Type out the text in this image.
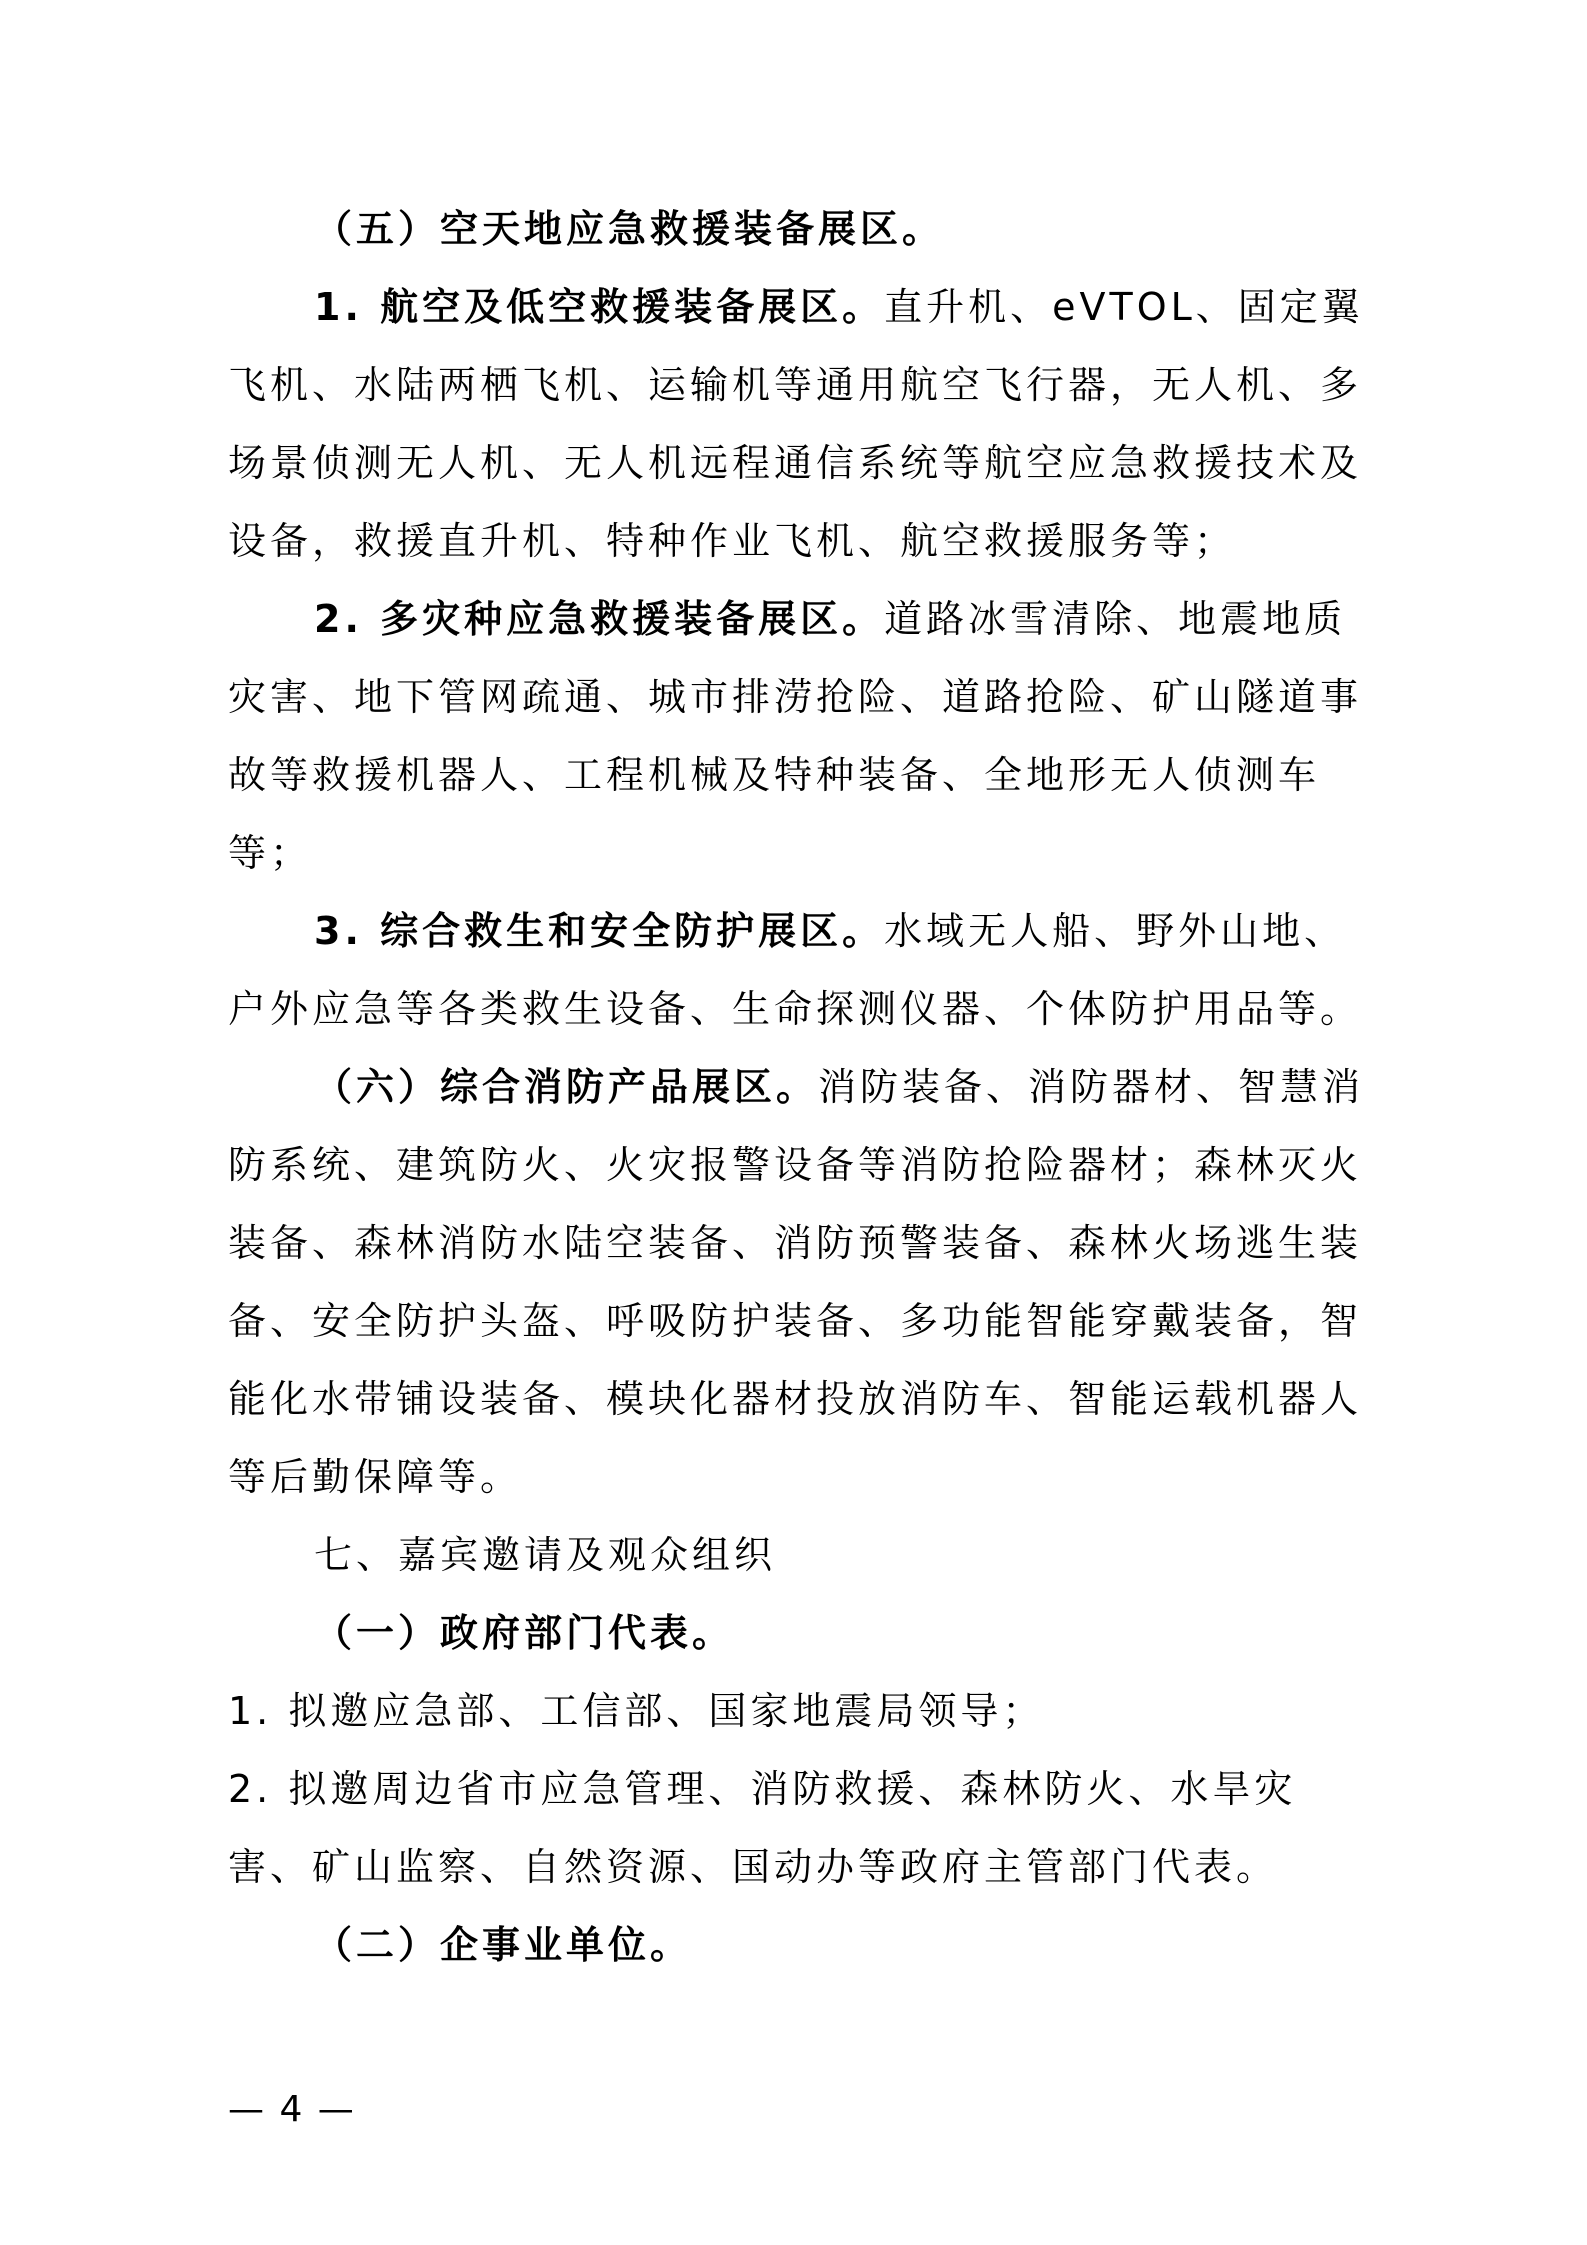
（五）空天地应急救援装备展区。
1. 航空及低空救援装备展区。直升机、eVTOL、固定翼飞机、水陆两栖飞机、运输机等通用航空飞行器，无人机、多场景侦测无人机、无人机远程通信系统等航空应急救援技术及设备，救援直升机、特种作业飞机、航空救援服务等；
2. 多灾种应急救援装备展区。道路冰雪清除、地震地质灾害、地下管网疏通、城市排涝抢险、道路抢险、矿山隧道事故等救援机器人、工程机械及特种装备、全地形无人侦测车等；
3. 综合救生和安全防护展区。水域无人船、野外山地、户外应急等各类救生设备、生命探测仪器、个体防护用品等。
（六）综合消防产品展区。消防装备、消防器材、智慧消防系统、建筑防火、火灾报警设备等消防抢险器材；森林灭火装备、森林消防水陆空装备、消防预警装备、森林火场逃生装备、安全防护头盔、呼吸防护装备、多功能智能穿戴装备，智能化水带铺设装备、模块化器材投放消防车、智能运载机器人等后勤保障等。
七、嘉宾邀请及观众组织
（一）政府部门代表。
1. 拟邀应急部、工信部、国家地震局领导；
2. 拟邀周边省市应急管理、消防救援、森林防火、水旱灾害、矿山监察、自然资源、国动办等政府主管部门代表。
（二）企事业单位。
— 4 —
